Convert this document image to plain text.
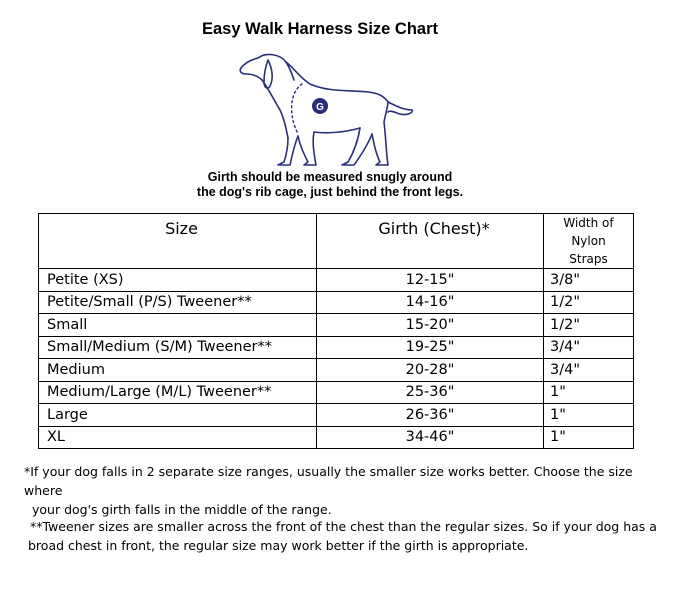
Easy Walk Harness Size Chart
G
Girth should be measured snugly around
the dog's rib cage, just behind the front legs.
Size	Girth (Chest)*	Width of
Nylon
Straps

Petite (XS)	12-15"	3/8"
Petite/Small (P/S) Tweener**	14-16"	1/2"
Small	15-20"	1/2"
Small/Medium (S/M) Tweener**	19-25"	3/4"
Medium	20-28"	3/4"
Medium/Large (M/L) Tweener**	25-36"	1"
Large	26-36"	1"
XL	34-46"	1"
*If your dog falls in 2 separate size ranges, usually the smaller size works better. Choose the size where
your dog's girth falls in the middle of the range.
**Tweener sizes are smaller across the front of the chest than the regular sizes. So if your dog has a
broad chest in front, the regular size may work better if the girth is appropriate.
